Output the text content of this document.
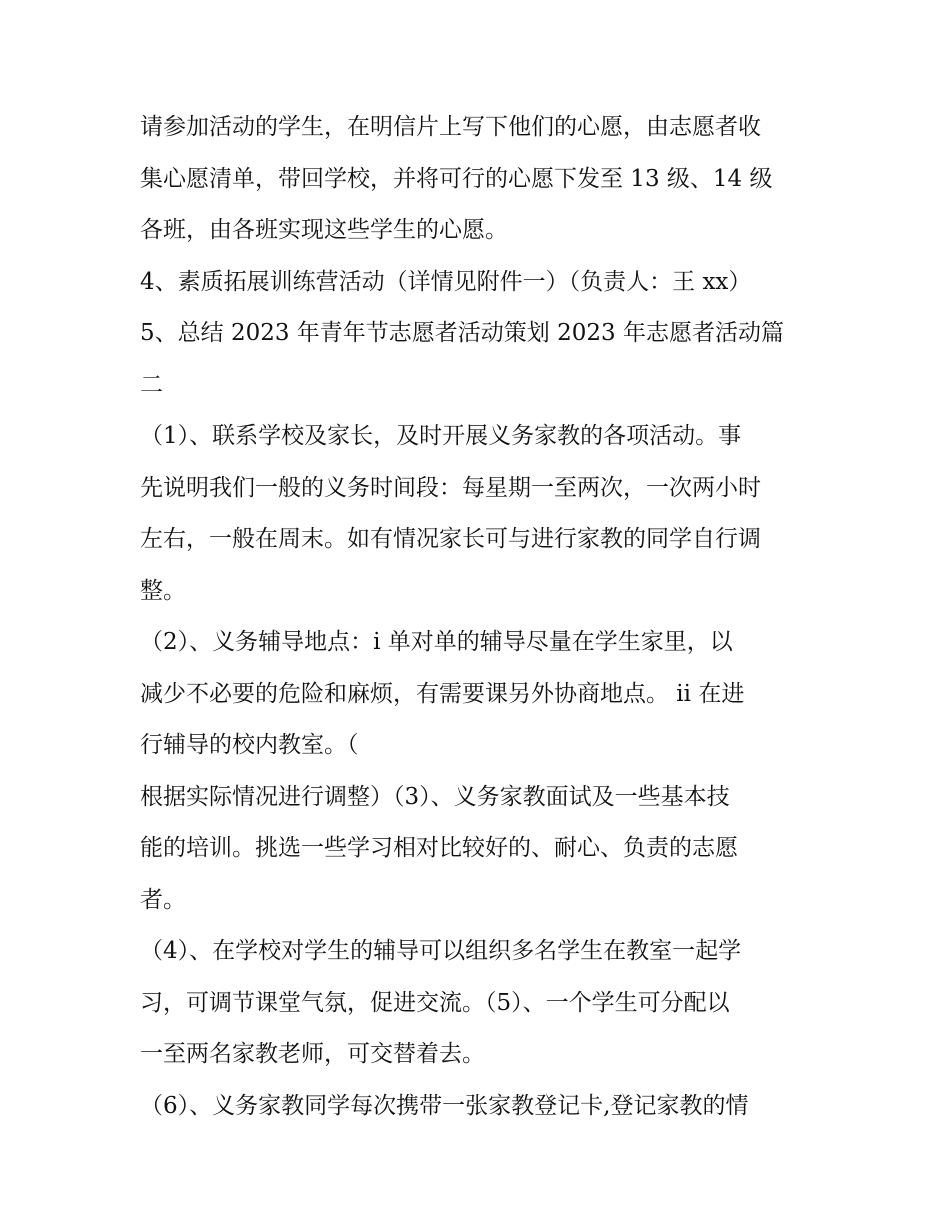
请参加活动的学生，在明信片上写下他们的心愿，由志愿者收
集心愿清单，带回学校，并将可行的心愿下发至 13 级、14 级
各班，由各班实现这些学生的心愿。
4、素质拓展训练营活动（详情见附件一）（负责人：王 xx）
5、总结 2023 年青年节志愿者活动策划 2023 年志愿者活动篇
二
（1）、联系学校及家长，及时开展义务家教的各项活动。事
先说明我们一般的义务时间段：每星期一至两次，一次两小时
左右，一般在周末。如有情况家长可与进行家教的同学自行调
整。
（2）、义务辅导地点：i 单对单的辅导尽量在学生家里，以
减少不必要的危险和麻烦，有需要课另外协商地点。 ii 在进
行辅导的校内教室。（
根据实际情况进行调整）（3）、义务家教面试及一些基本技
能的培训。挑选一些学习相对比较好的、耐心、负责的志愿
者。
（4）、在学校对学生的辅导可以组织多名学生在教室一起学
习，可调节课堂气氛，促进交流。（5）、一个学生可分配以
一至两名家教老师，可交替着去。
（6）、义务家教同学每次携带一张家教登记卡,登记家教的情
